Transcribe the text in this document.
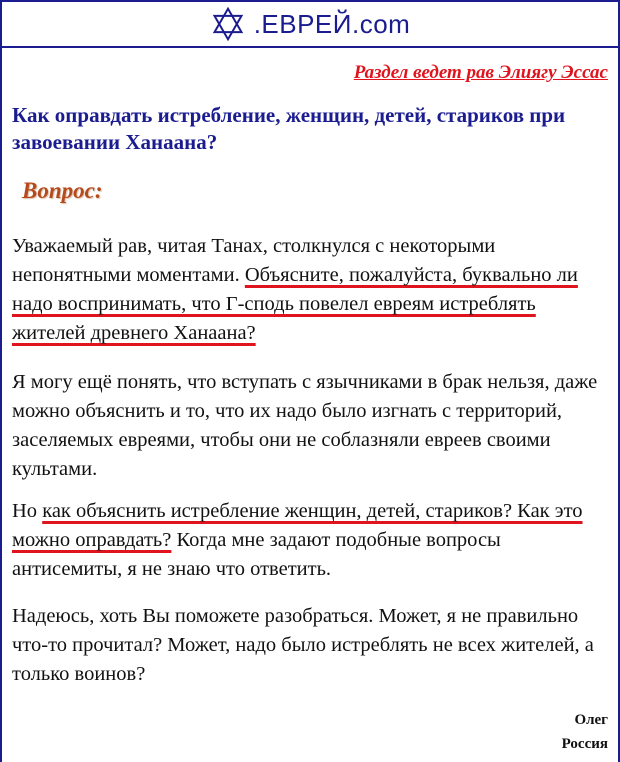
.ЕВРЕЙ.com
Раздел ведет рав Элиягу Эссас
Как оправдать истребление, женщин, детей, стариков при завоевании Ханаана?
Вопрос:
Уважаемый рав, читая Танах, столкнулся с некоторыми непонятными моментами. Объясните, пожалуйста, буквально ли надо воспринимать, что Г-сподь повелел евреям истреблять жителей древнего Ханаана?
Я могу ещё понять, что вступать с язычниками в брак нельзя, даже можно объяснить и то, что их надо было изгнать с территорий, заселяемых евреями, чтобы они не соблазняли евреев своими культами.
Но как объяснить истребление женщин, детей, стариков? Как это можно оправдать? Когда мне задают подобные вопросы антисемиты, я не знаю что ответить.
Надеюсь, хоть Вы поможете разобраться. Может, я не правильно что-то прочитал? Может, надо было истреблять не всех жителей, а только воинов?
Олег
Россия
